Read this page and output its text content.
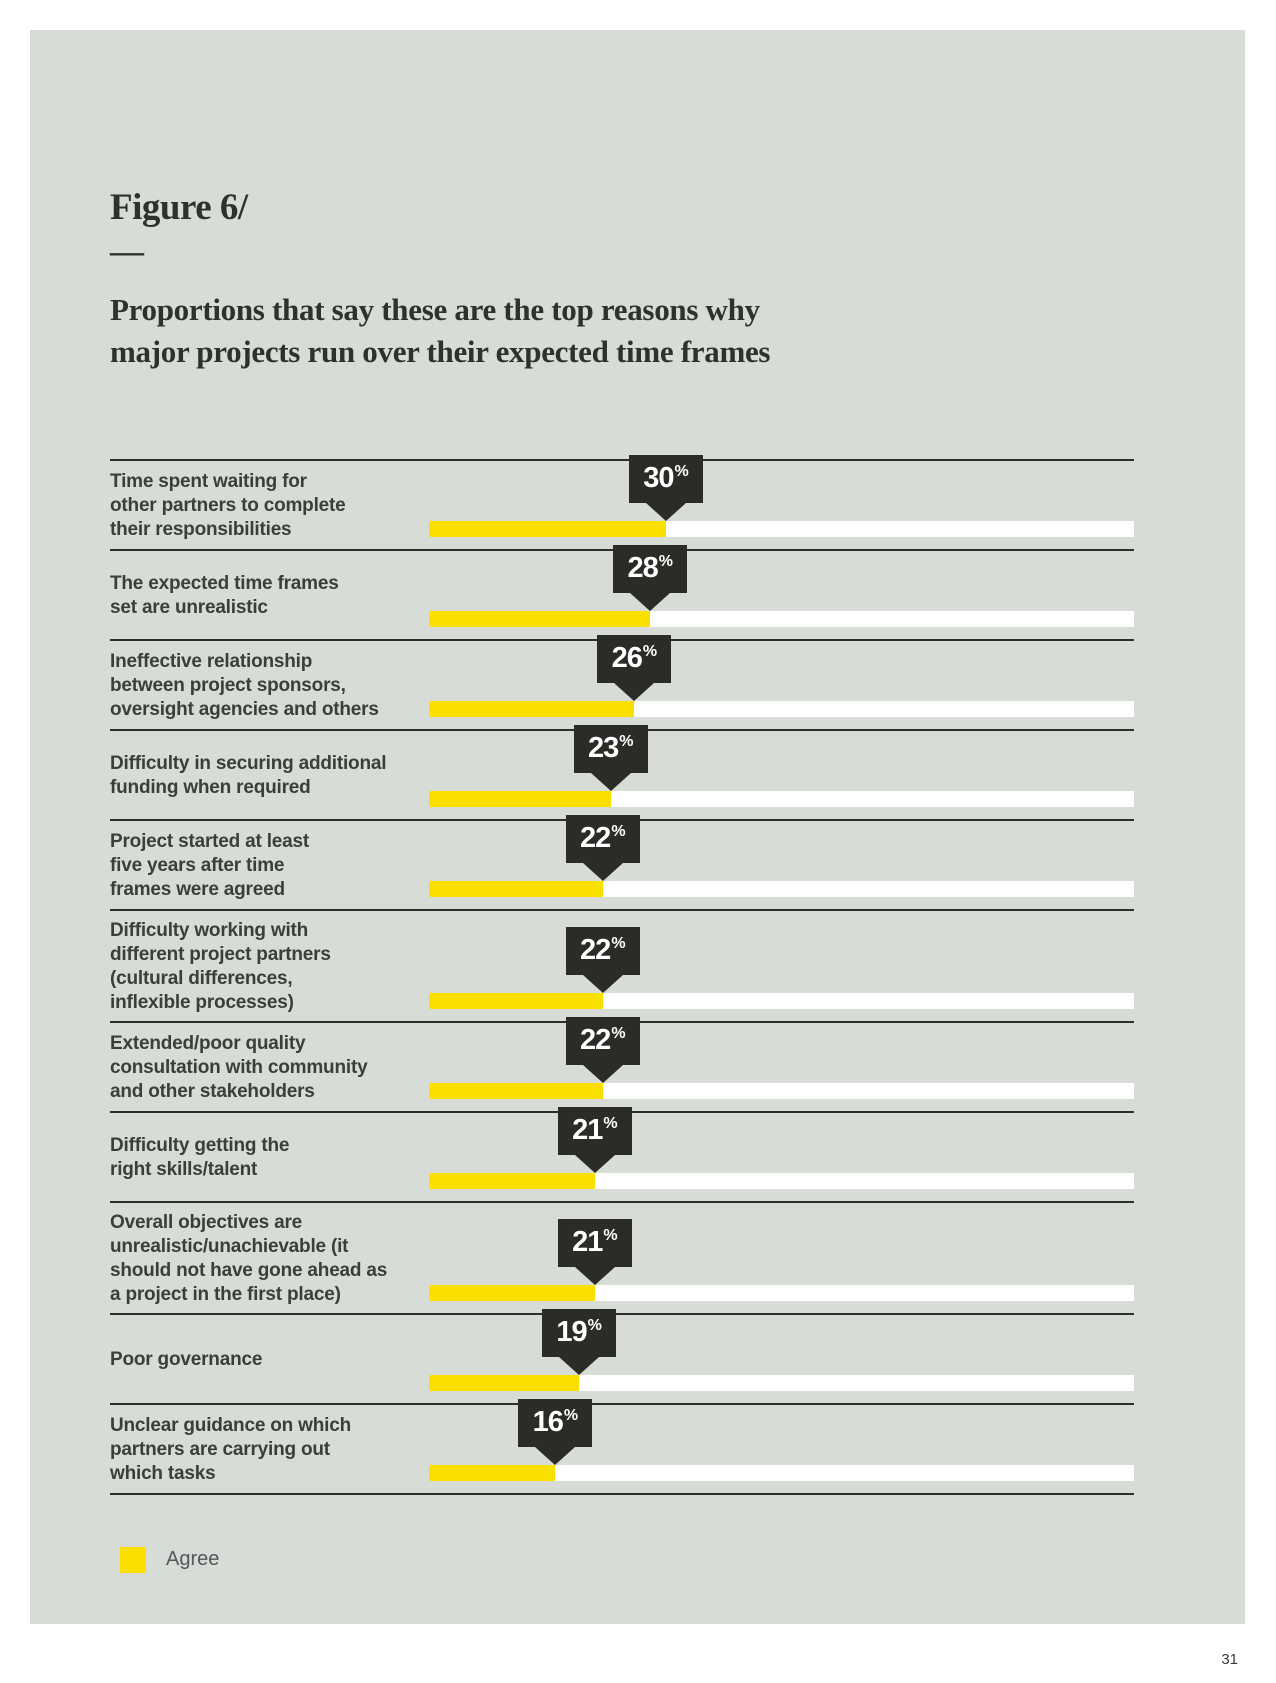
Figure 6/
—
Proportions that say these are the top reasons why
major projects run over their expected time frames
Time spent waiting for
other partners to complete
their responsibilities
30 %
The expected time frames
set are unrealistic
28 %
Ineffective relationship
between project sponsors,
oversight agencies and others
26 %
Difficulty in securing additional
funding when required
23 %
Project started at least
five years after time
frames were agreed
22 %
Difficulty working with
different project partners
(cultural differences,
inflexible processes)
22 %
Extended/poor quality
consultation with community
and other stakeholders
22 %
Difficulty getting the
right skills/talent
21 %
Overall objectives are
unrealistic/unachievable (it
should not have gone ahead as
a project in the first place)
21 %
Poor governance
19 %
Unclear guidance on which
partners are carrying out
which tasks
16 %
Agree
31
